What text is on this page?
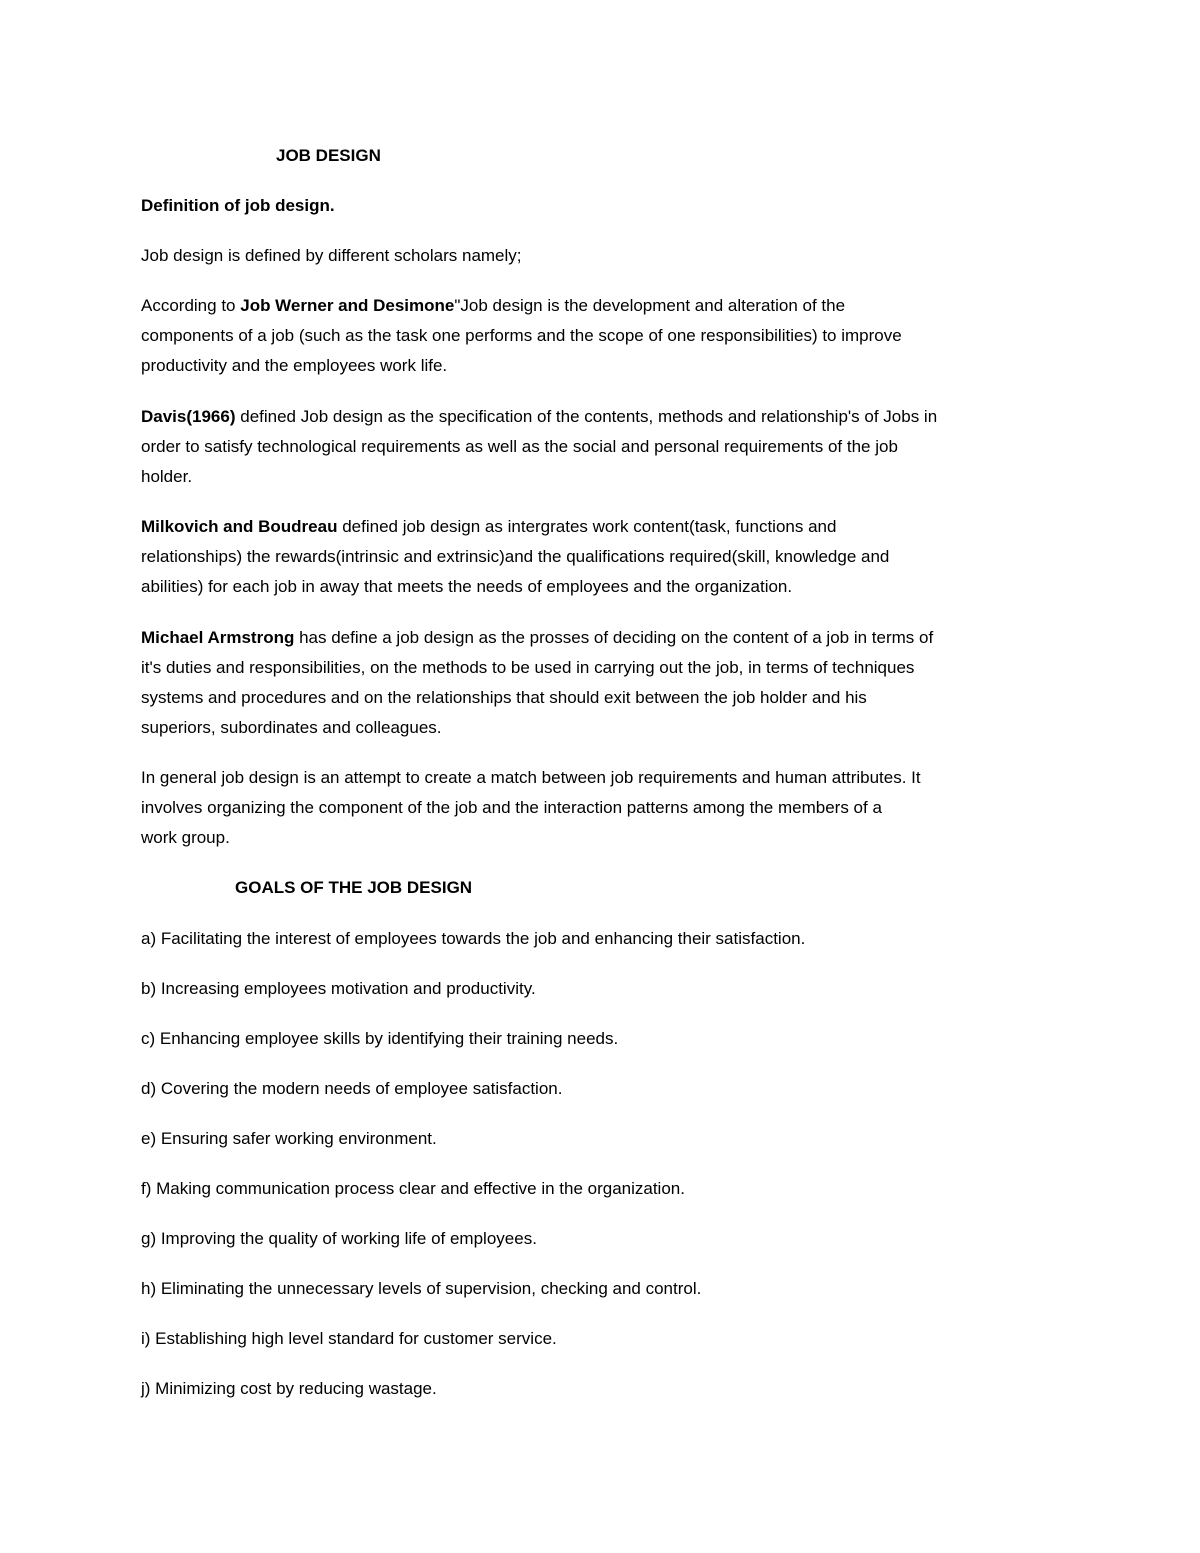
JOB DESIGN
Definition of job design.
Job design is defined by different scholars namely;
According to Job Werner and Desimone"Job design is the development and alteration of the
components of a job (such as the task one performs and the scope of one responsibilities) to improve
productivity and the employees work life.
Davis(1966) defined Job design as the specification of the contents, methods and relationship's of Jobs in
order to satisfy technological requirements as well as the social and personal requirements of the job
holder.
Milkovich and Boudreau defined job design as intergrates work content(task, functions and
relationships) the rewards(intrinsic and extrinsic)and the qualifications required(skill, knowledge and
abilities) for each job in away that meets the needs of employees and the organization.
Michael Armstrong has define a job design as the prosses of deciding on the content of a job in terms of
it's duties and responsibilities, on the methods to be used in carrying out the job, in terms of techniques
systems and procedures and on the relationships that should exit between the job holder and his
superiors, subordinates and colleagues.
In general job design is an attempt to create a match between job requirements and human attributes. It
involves organizing the component of the job and the interaction patterns among the members of a
work group.
GOALS OF THE JOB DESIGN
a) Facilitating the interest of employees towards the job and enhancing their satisfaction.
b) Increasing employees motivation and productivity.
c) Enhancing employee skills by identifying their training needs.
d) Covering the modern needs of employee satisfaction.
e) Ensuring safer working environment.
f) Making communication process clear and effective in the organization.
g) Improving the quality of working life of employees.
h) Eliminating the unnecessary levels of supervision, checking and control.
i) Establishing high level standard for customer service.
j) Minimizing cost by reducing wastage.
